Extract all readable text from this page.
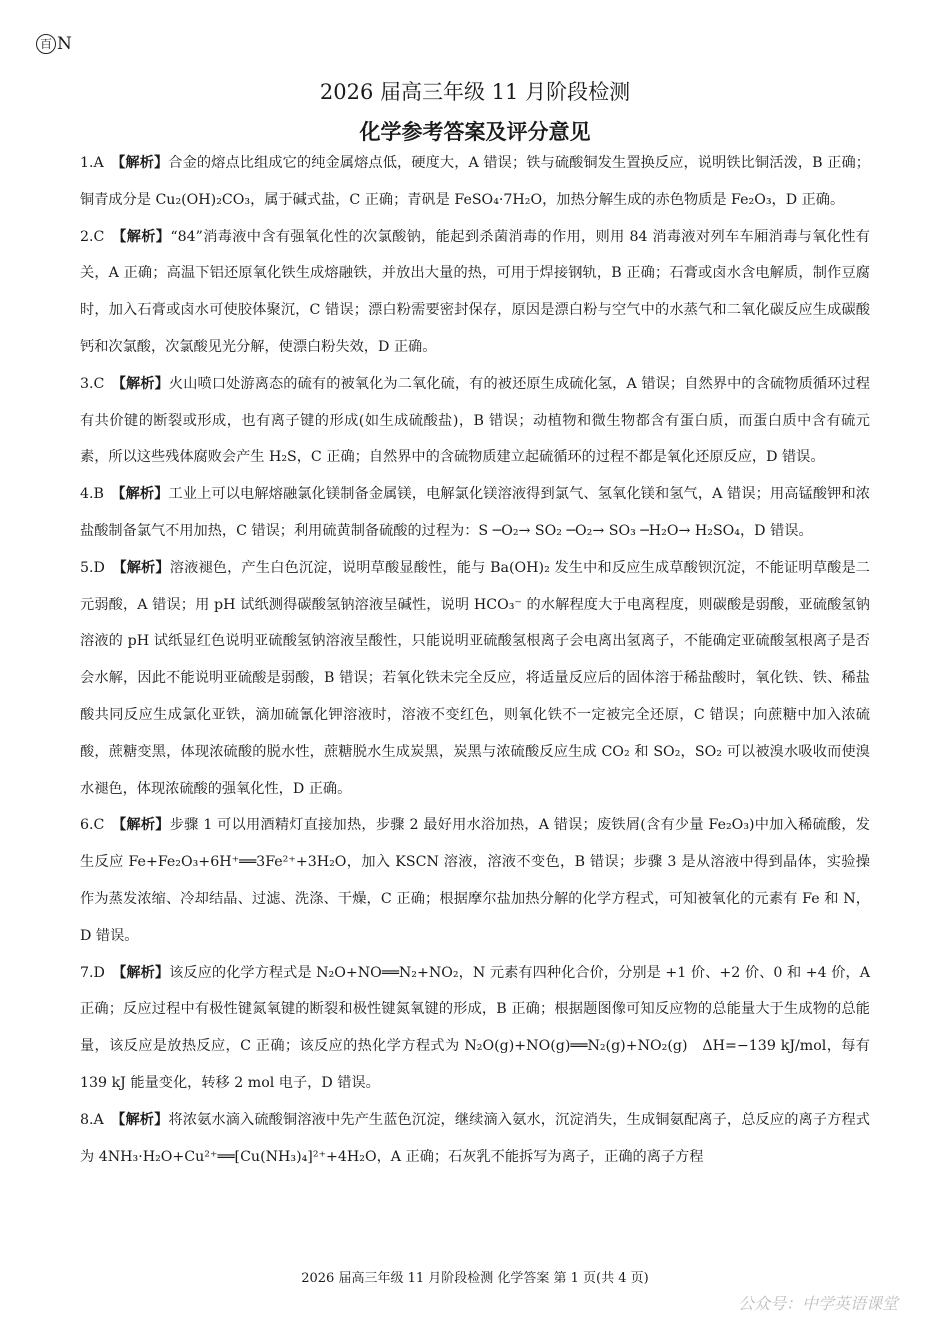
百 N
2026 届高三年级 11 月阶段检测
化学参考答案及评分意见

1.A　 【解析】合金的熔点比组成它的纯金属熔点低，硬度大，A 错误；铁与硫酸铜发生置换反应，说明铁比铜活泼，B 正确；铜青成分是 Cu₂(OH)₂CO₃，属于碱式盐，C 正确；青矾是 FeSO₄·7H₂O，加热分解生成的赤色物质是 Fe₂O₃，D 正确。

2.C　 【解析】“84”消毒液中含有强氧化性的次氯酸钠，能起到杀菌消毒的作用，则用 84 消毒液对列车车厢消毒与氧化性有关，A 正确；高温下铝还原氧化铁生成熔融铁，并放出大量的热，可用于焊接钢轨，B 正确；石膏或卤水含电解质，制作豆腐时，加入石膏或卤水可使胶体聚沉，C 错误；漂白粉需要密封保存，原因是漂白粉与空气中的水蒸气和二氧化碳反应生成碳酸钙和次氯酸，次氯酸见光分解，使漂白粉失效，D 正确。

3.C　 【解析】火山喷口处游离态的硫有的被氧化为二氧化硫，有的被还原生成硫化氢，A 错误；自然界中的含硫物质循环过程有共价键的断裂或形成，也有离子键的形成(如生成硫酸盐)，B 错误；动植物和微生物都含有蛋白质，而蛋白质中含有硫元素，所以这些残体腐败会产生 H₂S，C 正确；自然界中的含硫物质建立起硫循环的过程不都是氧化还原反应，D 错误。

4.B　 【解析】工业上可以电解熔融氯化镁制备金属镁，电解氯化镁溶液得到氯气、氢氧化镁和氢气，A 错误；用高锰酸钾和浓盐酸制备氯气不用加热，C 错误；利用硫黄制备硫酸的过程为：S ─O₂→ SO₂ ─O₂→ SO₃ ─H₂O→ H₂SO₄，D 错误。

5.D　 【解析】溶液褪色，产生白色沉淀，说明草酸显酸性，能与 Ba(OH)₂ 发生中和反应生成草酸钡沉淀，不能证明草酸是二元弱酸，A 错误；用 pH 试纸测得碳酸氢钠溶液呈碱性，说明 HCO₃⁻ 的水解程度大于电离程度，则碳酸是弱酸，亚硫酸氢钠溶液的 pH 试纸显红色说明亚硫酸氢钠溶液呈酸性，只能说明亚硫酸氢根离子会电离出氢离子，不能确定亚硫酸氢根离子是否会水解，因此不能说明亚硫酸是弱酸，B 错误；若氧化铁未完全反应，将适量反应后的固体溶于稀盐酸时，氧化铁、铁、稀盐酸共同反应生成氯化亚铁，滴加硫氰化钾溶液时，溶液不变红色，则氧化铁不一定被完全还原，C 错误；向蔗糖中加入浓硫酸，蔗糖变黑，体现浓硫酸的脱水性，蔗糖脱水生成炭黑，炭黑与浓硫酸反应生成 CO₂ 和 SO₂，SO₂ 可以被溴水吸收而使溴水褪色，体现浓硫酸的强氧化性，D 正确。

6.C　 【解析】步骤 1 可以用酒精灯直接加热，步骤 2 最好用水浴加热，A 错误；废铁屑(含有少量 Fe₂O₃)中加入稀硫酸，发生反应 Fe+Fe₂O₃+6H⁺══3Fe²⁺+3H₂O，加入 KSCN 溶液，溶液不变色，B 错误；步骤 3 是从溶液中得到晶体，实验操作为蒸发浓缩、冷却结晶、过滤、洗涤、干燥，C 正确；根据摩尔盐加热分解的化学方程式，可知被氧化的元素有 Fe 和 N，D 错误。

7.D　 【解析】该反应的化学方程式是 N₂O+NO══N₂+NO₂，N 元素有四种化合价，分别是 +1 价、+2 价、0 和 +4 价，A 正确；反应过程中有极性键氮氧键的断裂和极性键氮氧键的形成，B 正确；根据题图像可知反应物的总能量大于生成物的总能量，该反应是放热反应，C 正确；该反应的热化学方程式为 N₂O(g)+NO(g)══N₂(g)+NO₂(g)　ΔH=−139 kJ/mol，每有 139 kJ 能量变化，转移 2 mol 电子，D 错误。

8.A　 【解析】将浓氨水滴入硫酸铜溶液中先产生蓝色沉淀，继续滴入氨水，沉淀消失，生成铜氨配离子，总反应的离子方程式为 4NH₃·H₂O+Cu²⁺══[Cu(NH₃)₄]²⁺+4H₂O，A 正确；石灰乳不能拆写为离子，正确的离子方程

2026 届高三年级 11 月阶段检测 化学答案 第 1 页(共 4 页)
公众号：中学英语课堂
